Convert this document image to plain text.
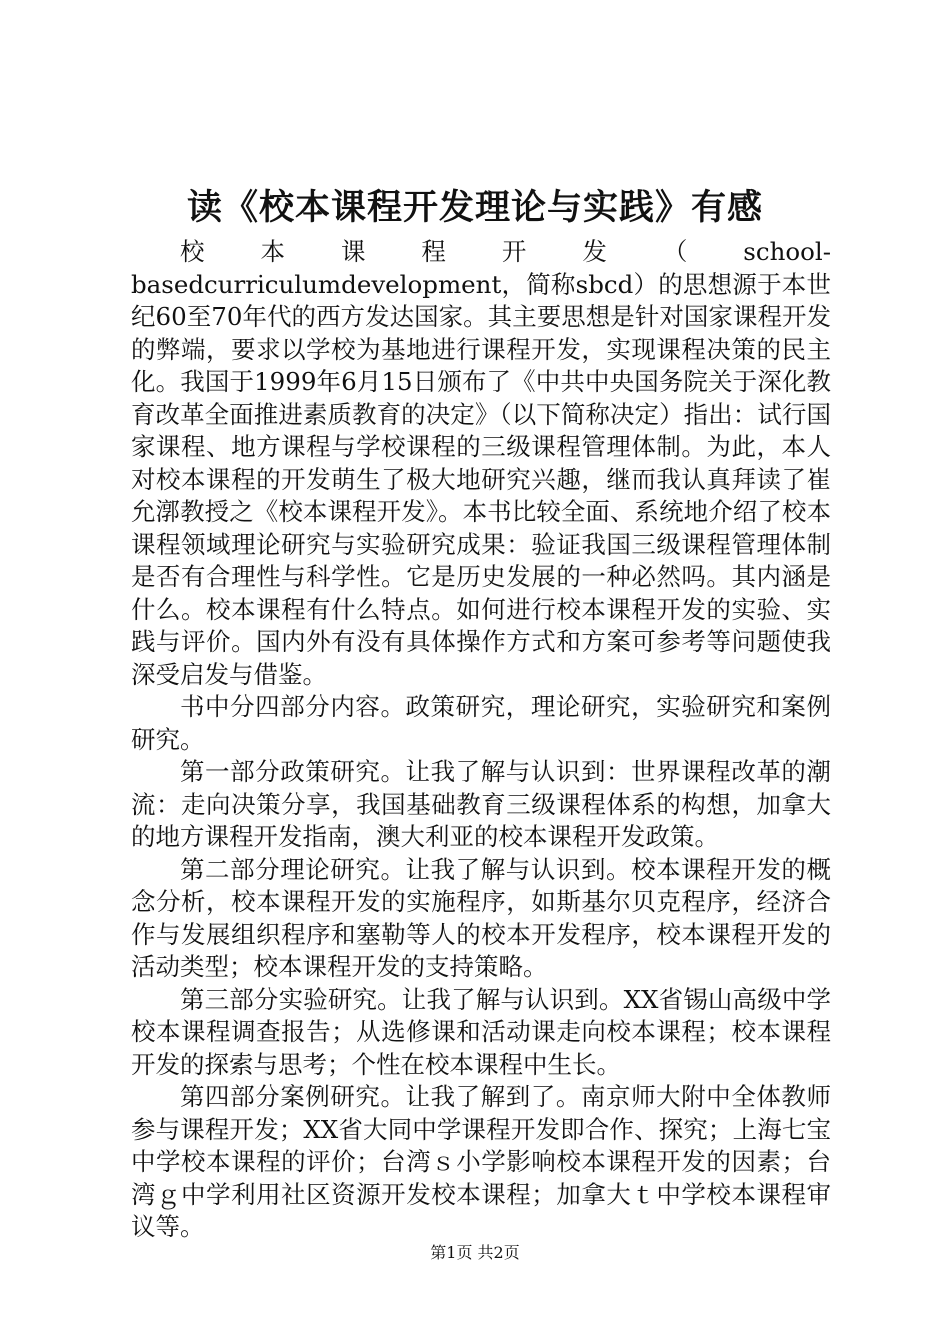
读《校本课程开发理论与实践》有感

校本课程开发（school-basedcurriculumdevelopment，简称sbcd）的思想源于本世纪60至70年代的西方发达国家。其主要思想是针对国家课程开发的弊端，要求以学校为基地进行课程开发，实现课程决策的民主化。我国于1999年6月15日颁布了《中共中央国务院关于深化教育改革全面推进素质教育的决定》（以下简称决定）指出：试行国家课程、地方课程与学校课程的三级课程管理体制。为此，本人对校本课程的开发萌生了极大地研究兴趣，继而我认真拜读了崔允漷教授之《校本课程开发》。本书比较全面、系统地介绍了校本课程领域理论研究与实验研究成果：验证我国三级课程管理体制是否有合理性与科学性。它是历史发展的一种必然吗。其内涵是什么。校本课程有什么特点。如何进行校本课程开发的实验、实践与评价。国内外有没有具体操作方式和方案可参考等问题使我深受启发与借鉴。

书中分四部分内容。政策研究，理论研究，实验研究和案例研究。

第一部分政策研究。让我了解与认识到：世界课程改革的潮流：走向决策分享，我国基础教育三级课程体系的构想，加拿大的地方课程开发指南，澳大利亚的校本课程开发政策。

第二部分理论研究。让我了解与认识到。校本课程开发的概念分析，校本课程开发的实施程序，如斯基尔贝克程序，经济合作与发展组织程序和塞勒等人的校本开发程序，校本课程开发的活动类型；校本课程开发的支持策略。

第三部分实验研究。让我了解与认识到。XX省锡山高级中学校本课程调查报告；从选修课和活动课走向校本课程；校本课程开发的探索与思考；个性在校本课程中生长。

第四部分案例研究。让我了解到了。南京师大附中全体教师参与课程开发；XX省大同中学课程开发即合作、探究；上海七宝中学校本课程的评价；台湾ｓ小学影响校本课程开发的因素；台湾ｇ中学利用社区资源开发校本课程；加拿大ｔ中学校本课程审议等。

第1页 共2页
